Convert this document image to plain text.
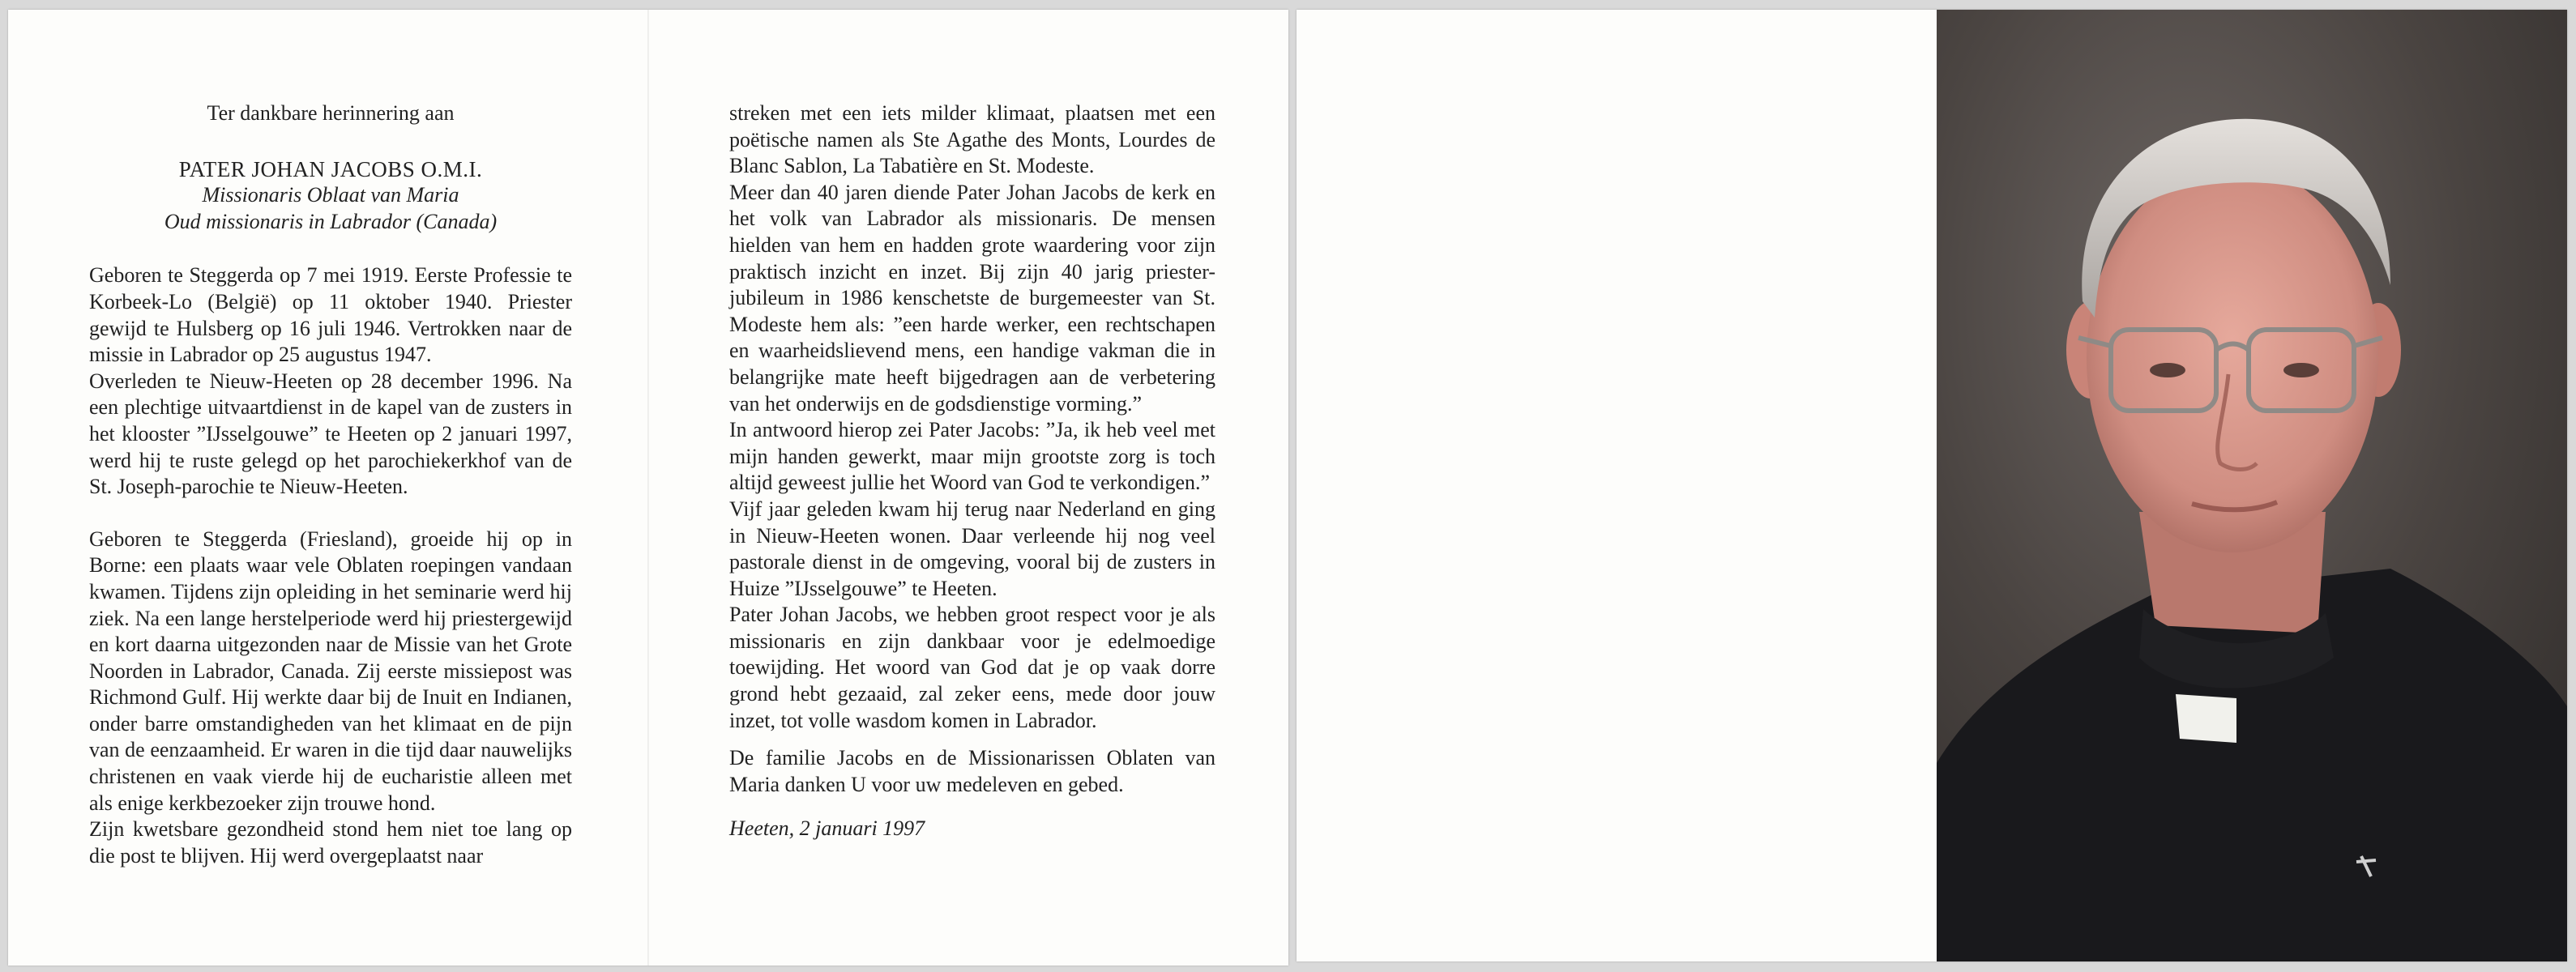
Ter dankbare herinnering aan

PATER JOHAN JACOBS O.M.I.

Missionaris Oblaat van Maria

Oud missionaris in Labrador (Canada)

Geboren te Steggerda op 7 mei 1919. Eerste Professie te Korbeek-Lo (België) op 11 oktober 1940. Priester gewijd te Hulsberg op 16 juli 1946. Vertrokken naar de missie in Labrador op 25 augustus 1947.

Overleden te Nieuw-Heeten op 28 december 1996. Na een plechtige uitvaartdienst in de kapel van de zusters in het klooster ”IJsselgouwe” te Heeten op 2 januari 1997, werd hij te ruste gelegd op het parochiekerkhof van de St. Joseph-parochie te Nieuw-Heeten.

Geboren te Steggerda (Friesland), groeide hij op in Borne: een plaats waar vele Oblaten roepingen vandaan kwamen. Tijdens zijn opleiding in het seminarie werd hij ziek. Na een lange herstelperiode werd hij priestergewijd en kort daarna uitgezonden naar de Missie van het Grote Noorden in Labrador, Canada. Zij eerste missiepost was Richmond Gulf. Hij werkte daar bij de Inuit en Indianen, onder barre omstandigheden van het klimaat en de pijn van de eenzaamheid. Er waren in die tijd daar nauwelijks christenen en vaak vierde hij de eucharistie alleen met als enige kerkbezoeker zijn trouwe hond.

Zijn kwetsbare gezondheid stond hem niet toe lang op die post te blijven. Hij werd overgeplaatst naar

streken met een iets milder klimaat, plaatsen met een poëtische namen als Ste Agathe des Monts, Lourdes de Blanc Sablon, La Tabatière en St. Modeste.

Meer dan 40 jaren diende Pater Johan Jacobs de kerk en het volk van Labrador als missionaris. De mensen hielden van hem en hadden grote waardering voor zijn praktisch inzicht en inzet. Bij zijn 40 jarig priester-jubileum in 1986 kenschetste de burgemeester van St. Modeste hem als: ”een harde werker, een rechtschapen en waarheidslievend mens, een handige vakman die in belangrijke mate heeft bijgedragen aan de verbetering van het onderwijs en de godsdienstige vorming.”

In antwoord hierop zei Pater Jacobs: ”Ja, ik heb veel met mijn handen gewerkt, maar mijn grootste zorg is toch altijd geweest jullie het Woord van God te verkondigen.”

Vijf jaar geleden kwam hij terug naar Nederland en ging in Nieuw-Heeten wonen. Daar verleende hij nog veel pastorale dienst in de omgeving, vooral bij de zusters in Huize ”IJsselgouwe” te Heeten.

Pater Johan Jacobs, we hebben groot respect voor je als missionaris en zijn dankbaar voor je edelmoedige toewijding. Het woord van God dat je op vaak dorre grond hebt gezaaid, zal zeker eens, mede door jouw inzet, tot volle wasdom komen in Labrador.

De familie Jacobs en de Missionarissen Oblaten van Maria danken U voor uw medeleven en gebed.

Heeten, 2 januari 1997
